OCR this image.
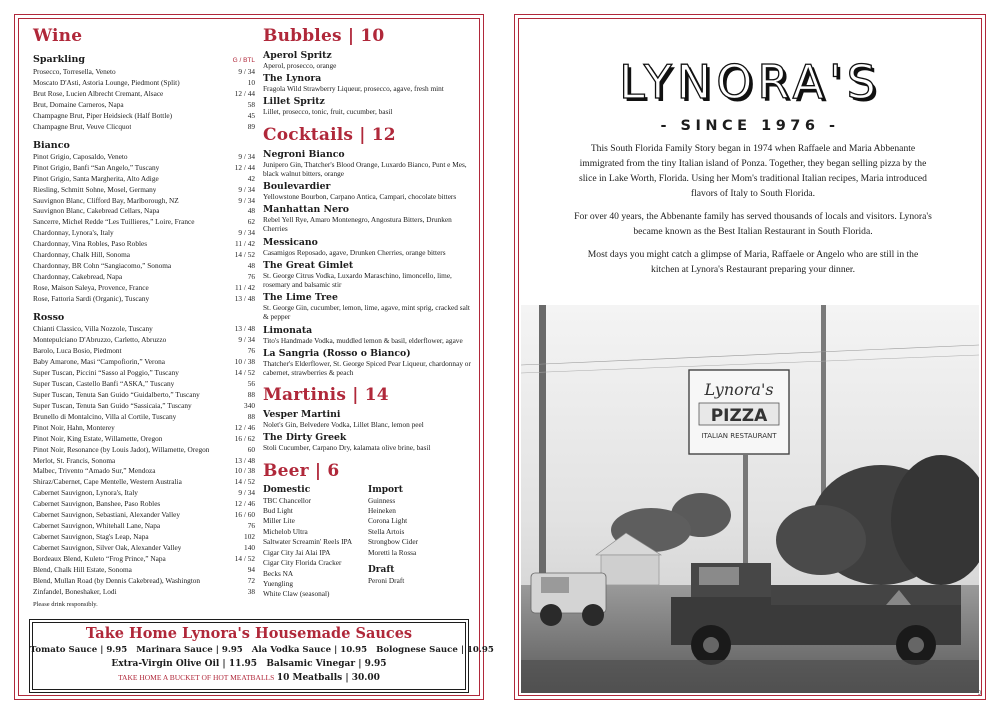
Wine
Sparkling	G / BTL
Prosecco, Torresella, Veneto	9 / 34
Moscato D'Asti, Astoria Lounge, Piedmont (Split)	10
Brut Rose, Lucien Albrecht Cremant, Alsace	12 / 44
Brut, Domaine Carneros, Napa	58
Champagne Brut, Piper Heidsieck (Half Bottle)	45
Champagne Brut, Veuve Clicquot	89
Bianco
Pinot Grigio, Caposaldo, Veneto	9 / 34
Pinot Grigio, Banfi “San Angelo,” Tuscany	12 / 44
Pinot Grigio, Santa Margherita, Alto Adige	42
Riesling, Schmitt Sohne, Mosel, Germany	9 / 34
Sauvignon Blanc, Clifford Bay, Marlborough, NZ	9 / 34
Sauvignon Blanc, Cakebread Cellars, Napa	48
Sancerre, Michel Redde “Les Tuillieres,” Loire, France	62
Chardonnay, Lynora's, Italy	9 / 34
Chardonnay, Vina Robles, Paso Robles	11 / 42
Chardonnay, Chalk Hill, Sonoma	14 / 52
Chardonnay, BR Cohn “Sangiacomo,” Sonoma	48
Chardonnay, Cakebread, Napa	76
Rose, Maison Saleya, Provence, France	11 / 42
Rose, Fattoria Sardi (Organic), Tuscany	13 / 48
Rosso
Chianti Classico, Villa Nozzole, Tuscany	13 / 48
Montepulciano D'Abruzzo, Carletto, Abruzzo	9 / 34
Barolo, Luca Bosio, Piedmont	76
Baby Amarone, Masi “Campofiorin,” Verona	10 / 38
Super Tuscan, Piccini “Sasso al Poggio,” Tuscany	14 / 52
Super Tuscan, Castello Banfi “ASKA,” Tuscany	56
Super Tuscan, Tenuta San Guido “Guidalberto,” Tuscany	88
Super Tuscan, Tenuta San Guido “Sassicaia,” Tuscany	340
Brunello di Montalcino, Villa al Cortile, Tuscany	88
Pinot Noir, Hahn, Monterey	12 / 46
Pinot Noir, King Estate, Willamette, Oregon	16 / 62
Pinot Noir, Resonance (by Louis Jadot), Willamette, Oregon	60
Merlot, St. Francis, Sonoma	13 / 48
Malbec, Trivento “Amado Sur,” Mendoza	10 / 38
Shiraz/Cabernet, Cape Mentelle, Western Australia	14 / 52
Cabernet Sauvignon, Lynora's, Italy	9 / 34
Cabernet Sauvignon, Banshee, Paso Robles	12 / 46
Cabernet Sauvignon, Sebastiani, Alexander Valley	16 / 60
Cabernet Sauvignon, Whitehall Lane, Napa	76
Cabernet Sauvignon, Stag's Leap, Napa	102
Cabernet Sauvignon, Silver Oak, Alexander Valley	140
Bordeaux Blend, Kuleto “Frog Prince,” Napa	14 / 52
Blend, Chalk Hill Estate, Sonoma	94
Blend, Mullan Road (by Dennis Cakebread), Washington	72
Zinfandel, Boneshaker, Lodi	38
Please drink responsibly.
Bubbles | 10
Aperol Spritz
Aperol, prosecco, orange
The Lynora
Fragola Wild Strawberry Liqueur, prosecco, agave, fresh mint
Lillet Spritz
Lillet, prosecco, tonic, fruit, cucumber, basil
Cocktails | 12
Negroni Bianco
Junipero Gin, Thatcher's Blood Orange, Luxardo Bianco, Punt e Mes, black walnut bitters, orange
Boulevardier
Yellowstone Bourbon, Carpano Antica, Campari, chocolate bitters
Manhattan Nero
Rebel Yell Rye, Amaro Montenegro, Angostura Bitters, Drunken Cherries
Messicano
Casamigos Reposado, agave, Drunken Cherries, orange bitters
The Great Gimlet
St. George Citrus Vodka, Luxardo Maraschino, limoncello, lime, rosemary and balsamic stir
The Lime Tree
St. George Gin, cucumber, lemon, lime, agave, mint sprig, cracked salt & pepper
Limonata
Tito's Handmade Vodka, muddled lemon & basil, elderflower, agave
La Sangria (Rosso o Bianco)
Thatcher's Elderflower, St. George Spiced Pear Liqueur, chardonnay or cabernet, strawberries & peach
Martinis | 14
Vesper Martini
Nolet's Gin, Belvedere Vodka, Lillet Blanc, lemon peel
The Dirty Greek
Stoli Cucumber, Carpano Dry, kalamata olive brine, basil
Beer | 6
Domestic
TBC Chancellor
Bud Light
Miller Lite
Michelob Ultra
Saltwater Screamin' Reels IPA
Cigar City Jai Alai IPA
Cigar City Florida Cracker
Becks NA
Yuengling
White Claw (seasonal)
Import
Guinness
Heineken
Corona Light
Stella Artois
Strongbow Cider
Moretti la Rossa
Draft
Peroni Draft
Take Home Lynora's Housemade Sauces
Tomato Sauce | 9.95   Marinara Sauce | 9.95   Ala Vodka Sauce | 10.95   Bolognese Sauce | 10.95
Extra-Virgin Olive Oil | 11.95   Balsamic Vinegar | 9.95
TAKE HOME A BUCKET OF HOT MEATBALLS 10 Meatballs | 30.00
LYNORA'S
- SINCE 1976 -

This South Florida Family Story began in 1974 when Raffaele and Maria Abbenante immigrated from the tiny Italian island of Ponza. Together, they began selling pizza by the slice in Lake Worth, Florida. Using her Mom's traditional Italian recipes, Maria introduced flavors of Italy to South Florida.

For over 40 years, the Abbenante family has served thousands of locals and visitors. Lynora's became known as the Best Italian Restaurant in South Florida.

Most days you might catch a glimpse of Maria, Raffaele or Angelo who are still in the kitchen at Lynora's Restaurant preparing your dinner.

Lynora's
PIZZA
ITALIAN RESTAURANT
J
